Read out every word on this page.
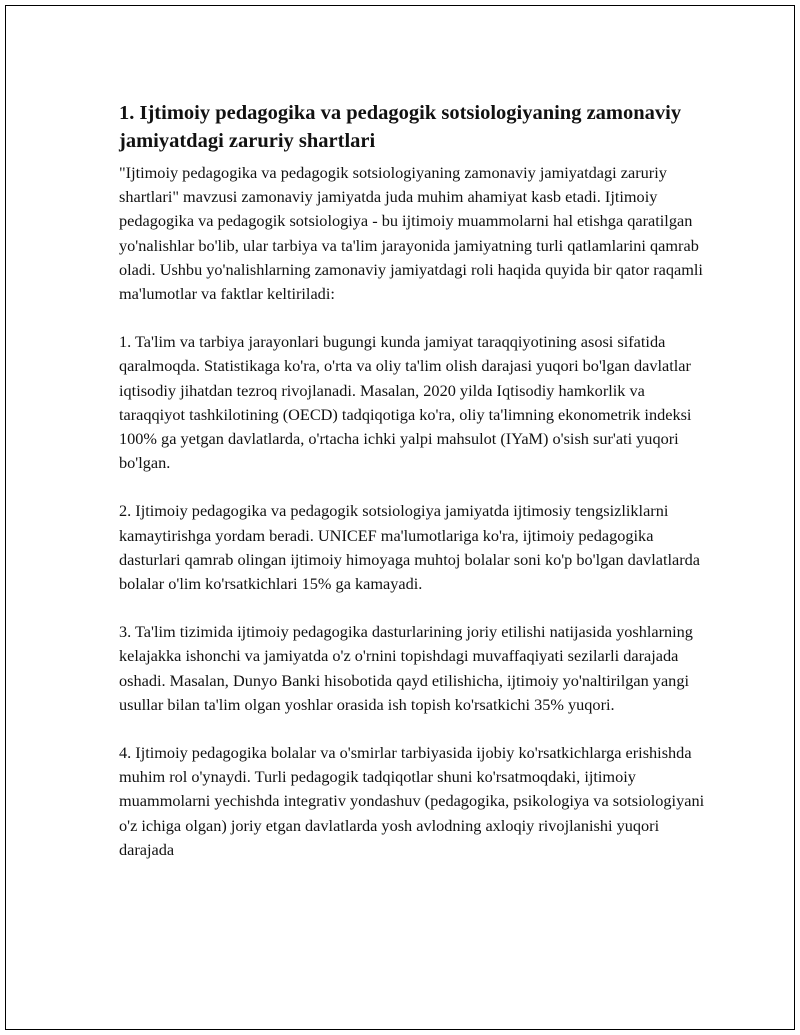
1. Ijtimoiy pedagogika va pedagogik sotsiologiyaning zamonaviy jamiyatdagi zaruriy shartlari

"Ijtimoiy pedagogika va pedagogik sotsiologiyaning zamonaviy jamiyatdagi zaruriy shartlari" mavzusi zamonaviy jamiyatda juda muhim ahamiyat kasb etadi. Ijtimoiy pedagogika va pedagogik sotsiologiya - bu ijtimoiy muammolarni hal etishga qaratilgan yo'nalishlar bo'lib, ular tarbiya va ta'lim jarayonida jamiyatning turli qatlamlarini qamrab oladi. Ushbu yo'nalishlarning zamonaviy jamiyatdagi roli haqida quyida bir qator raqamli ma'lumotlar va faktlar keltiriladi:

1. Ta'lim va tarbiya jarayonlari bugungi kunda jamiyat taraqqiyotining asosi sifatida qaralmoqda. Statistikaga ko'ra, o'rta va oliy ta'lim olish darajasi yuqori bo'lgan davlatlar iqtisodiy jihatdan tezroq rivojlanadi. Masalan, 2020 yilda Iqtisodiy hamkorlik va taraqqiyot tashkilotining (OECD) tadqiqotiga ko'ra, oliy ta'limning ekonometrik indeksi 100% ga yetgan davlatlarda, o'rtacha ichki yalpi mahsulot (IYaM) o'sish sur'ati yuqori bo'lgan.

2. Ijtimoiy pedagogika va pedagogik sotsiologiya jamiyatda ijtimosiy tengsizliklarni kamaytirishga yordam beradi. UNICEF ma'lumotlariga ko'ra, ijtimoiy pedagogika dasturlari qamrab olingan ijtimoiy himoyaga muhtoj bolalar soni ko'p bo'lgan davlatlarda bolalar o'lim ko'rsatkichlari 15% ga kamayadi.

3. Ta'lim tizimida ijtimoiy pedagogika dasturlarining joriy etilishi natijasida yoshlarning kelajakka ishonchi va jamiyatda o'z o'rnini topishdagi muvaffaqiyati sezilarli darajada oshadi. Masalan, Dunyo Banki hisobotida qayd etilishicha, ijtimoiy yo'naltirilgan yangi usullar bilan ta'lim olgan yoshlar orasida ish topish ko'rsatkichi 35% yuqori.

4. Ijtimoiy pedagogika bolalar va o'smirlar tarbiyasida ijobiy ko'rsatkichlarga erishishda muhim rol o'ynaydi. Turli pedagogik tadqiqotlar shuni ko'rsatmoqdaki, ijtimoiy muammolarni yechishda integrativ yondashuv (pedagogika, psikologiya va sotsiologiyani o'z ichiga olgan) joriy etgan davlatlarda yosh avlodning axloqiy rivojlanishi yuqori darajada
